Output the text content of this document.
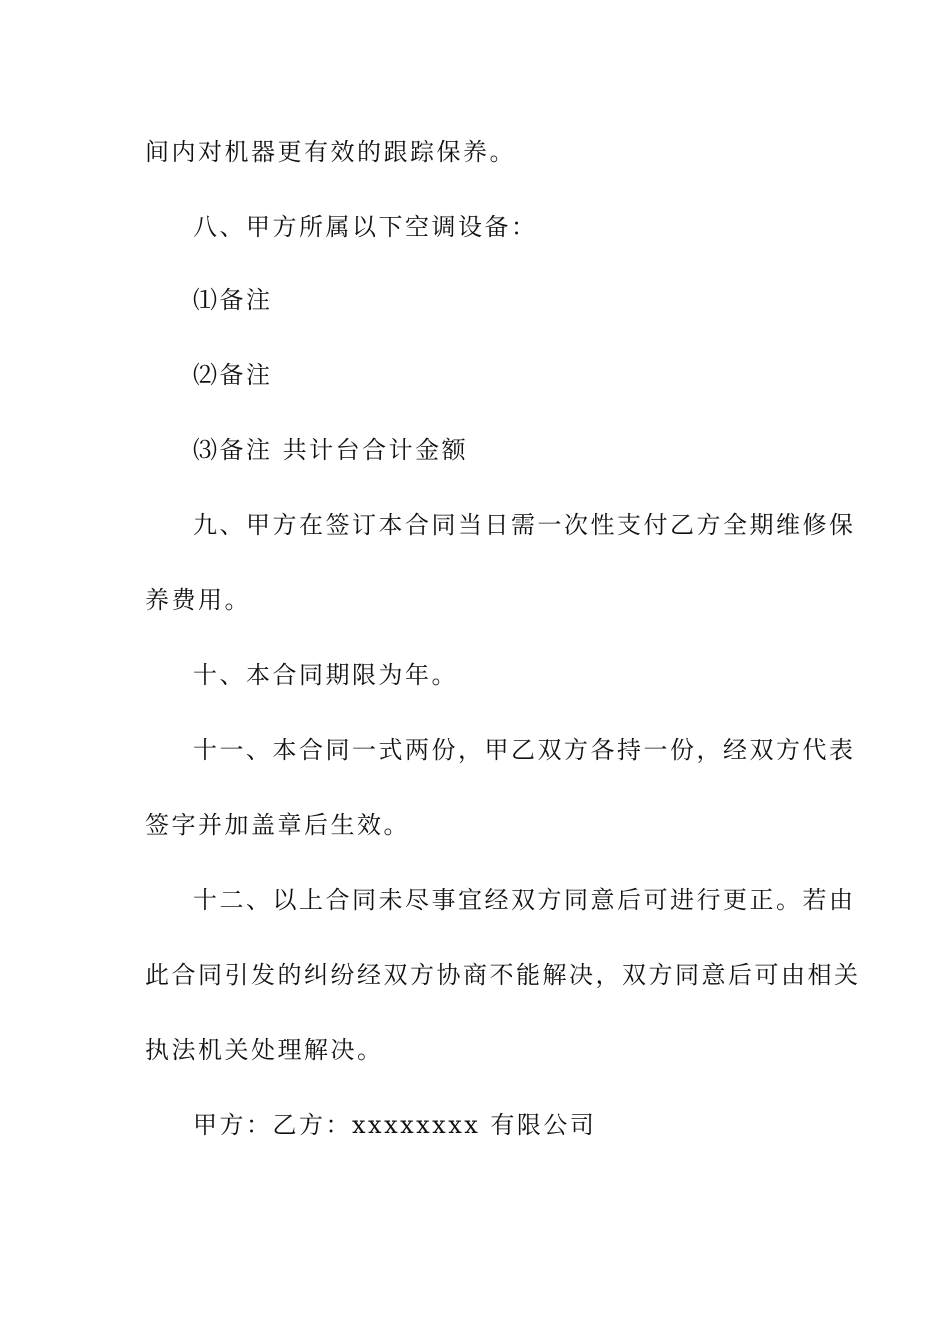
间内对机器更有效的跟踪保养。
八、甲方所属以下空调设备：
⑴备注
⑵备注
⑶备注 共计台合计金额
九、甲方在签订本合同当日需一次性支付乙方全期维修保
养费用。
十、本合同期限为年。
十一、本合同一式两份，甲乙双方各持一份，经双方代表
签字并加盖章后生效。
十二、以上合同未尽事宜经双方同意后可进行更正。若由
此合同引发的纠纷经双方协商不能解决，双方同意后可由相关
执法机关处理解决。
甲方：乙方：xxxxxxxx 有限公司
